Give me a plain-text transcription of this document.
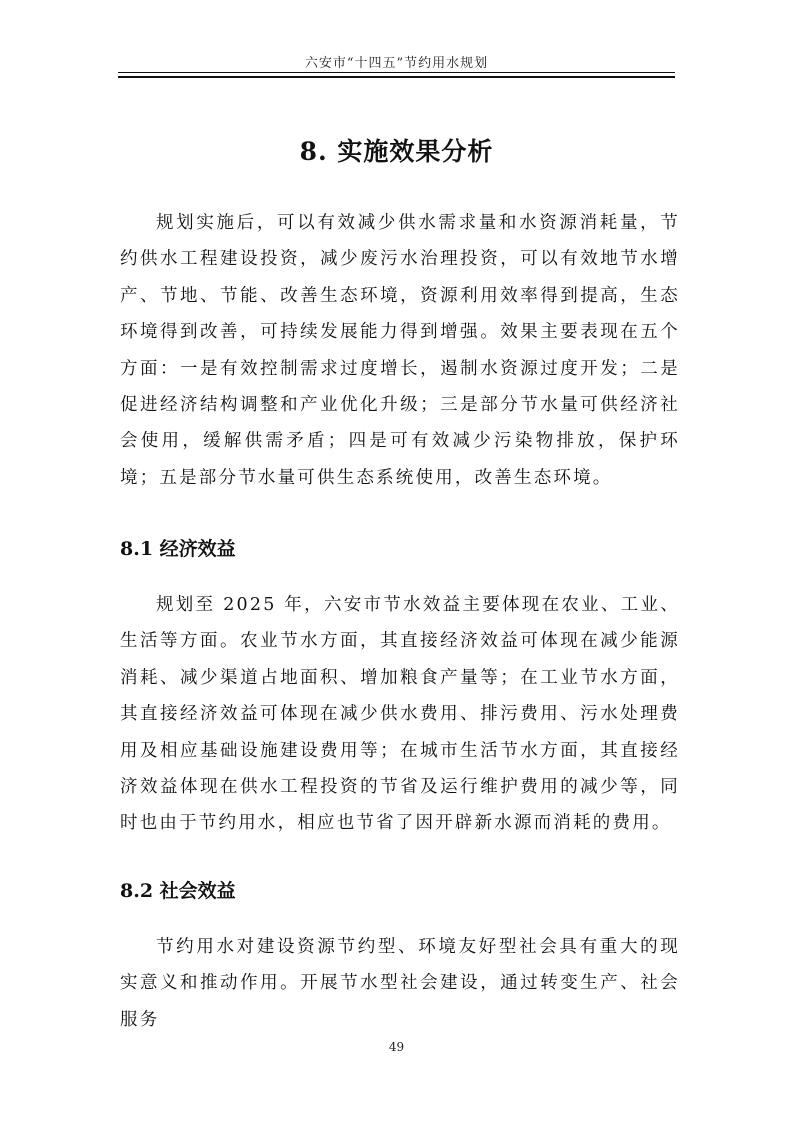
六安市“十四五”节约用水规划
8. 实施效果分析

规划实施后，可以有效减少供水需求量和水资源消耗量，节约供水工程建设投资，减少废污水治理投资，可以有效地节水增产、节地、节能、改善生态环境，资源利用效率得到提高，生态环境得到改善，可持续发展能力得到增强。效果主要表现在五个方面：一是有效控制需求过度增长，遏制水资源过度开发；二是促进经济结构调整和产业优化升级；三是部分节水量可供经济社会使用，缓解供需矛盾；四是可有效减少污染物排放，保护环境；五是部分节水量可供生态系统使用，改善生态环境。

8.1 经济效益

规划至 2025 年，六安市节水效益主要体现在农业、工业、生活等方面。农业节水方面，其直接经济效益可体现在减少能源消耗、减少渠道占地面积、增加粮食产量等；在工业节水方面，其直接经济效益可体现在减少供水费用、排污费用、污水处理费用及相应基础设施建设费用等；在城市生活节水方面，其直接经济效益体现在供水工程投资的节省及运行维护费用的减少等，同时也由于节约用水，相应也节省了因开辟新水源而消耗的费用。

8.2 社会效益

节约用水对建设资源节约型、环境友好型社会具有重大的现实意义和推动作用。开展节水型社会建设，通过转变生产、社会服务

49
